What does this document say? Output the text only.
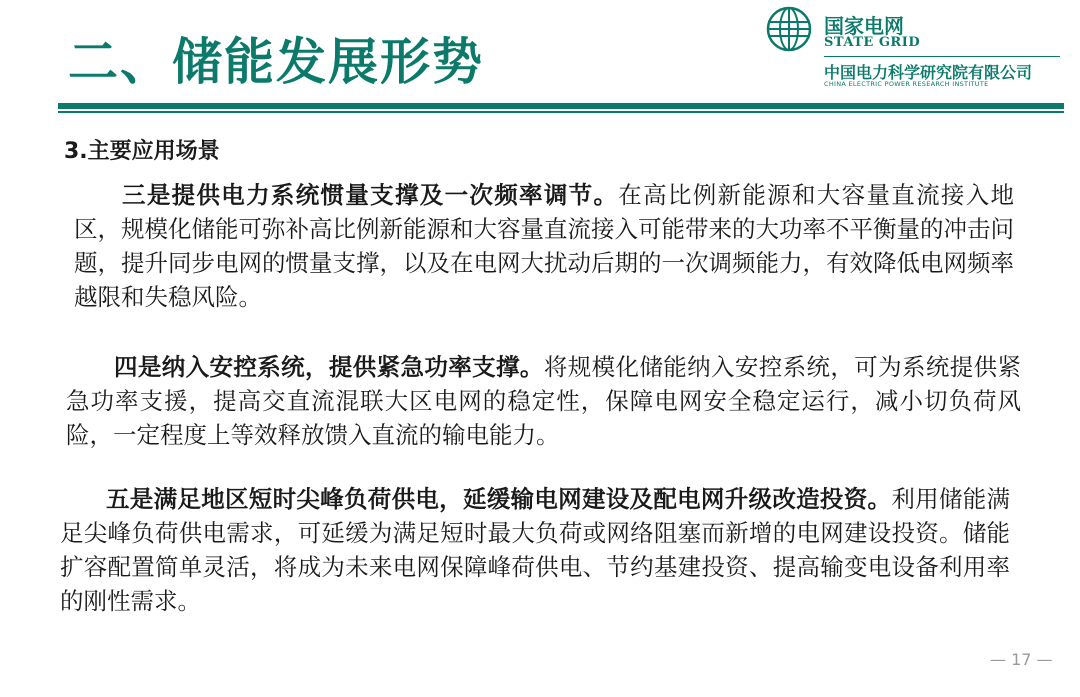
二、储能发展形势
国家电网
STATE GRID
中国电力科学研究院有限公司
CHINA ELECTRIC POWER RESEARCH INSTITUTE
3.主要应用场景

三是提供电力系统惯量支撑及一次频率调节。在高比例新能源和大容量直流接入地区，规模化储能可弥补高比例新能源和大容量直流接入可能带来的大功率不平衡量的冲击问题，提升同步电网的惯量支撑，以及在电网大扰动后期的一次调频能力，有效降低电网频率越限和失稳风险。

四是纳入安控系统，提供紧急功率支撑。将规模化储能纳入安控系统，可为系统提供紧急功率支援，提高交直流混联大区电网的稳定性，保障电网安全稳定运行，减小切负荷风险，一定程度上等效释放馈入直流的输电能力。

五是满足地区短时尖峰负荷供电，延缓输电网建设及配电网升级改造投资。利用储能满足尖峰负荷供电需求，可延缓为满足短时最大负荷或网络阻塞而新增的电网建设投资。储能扩容配置简单灵活，将成为未来电网保障峰荷供电、节约基建投资、提高输变电设备利用率的刚性需求。

— 17 —
